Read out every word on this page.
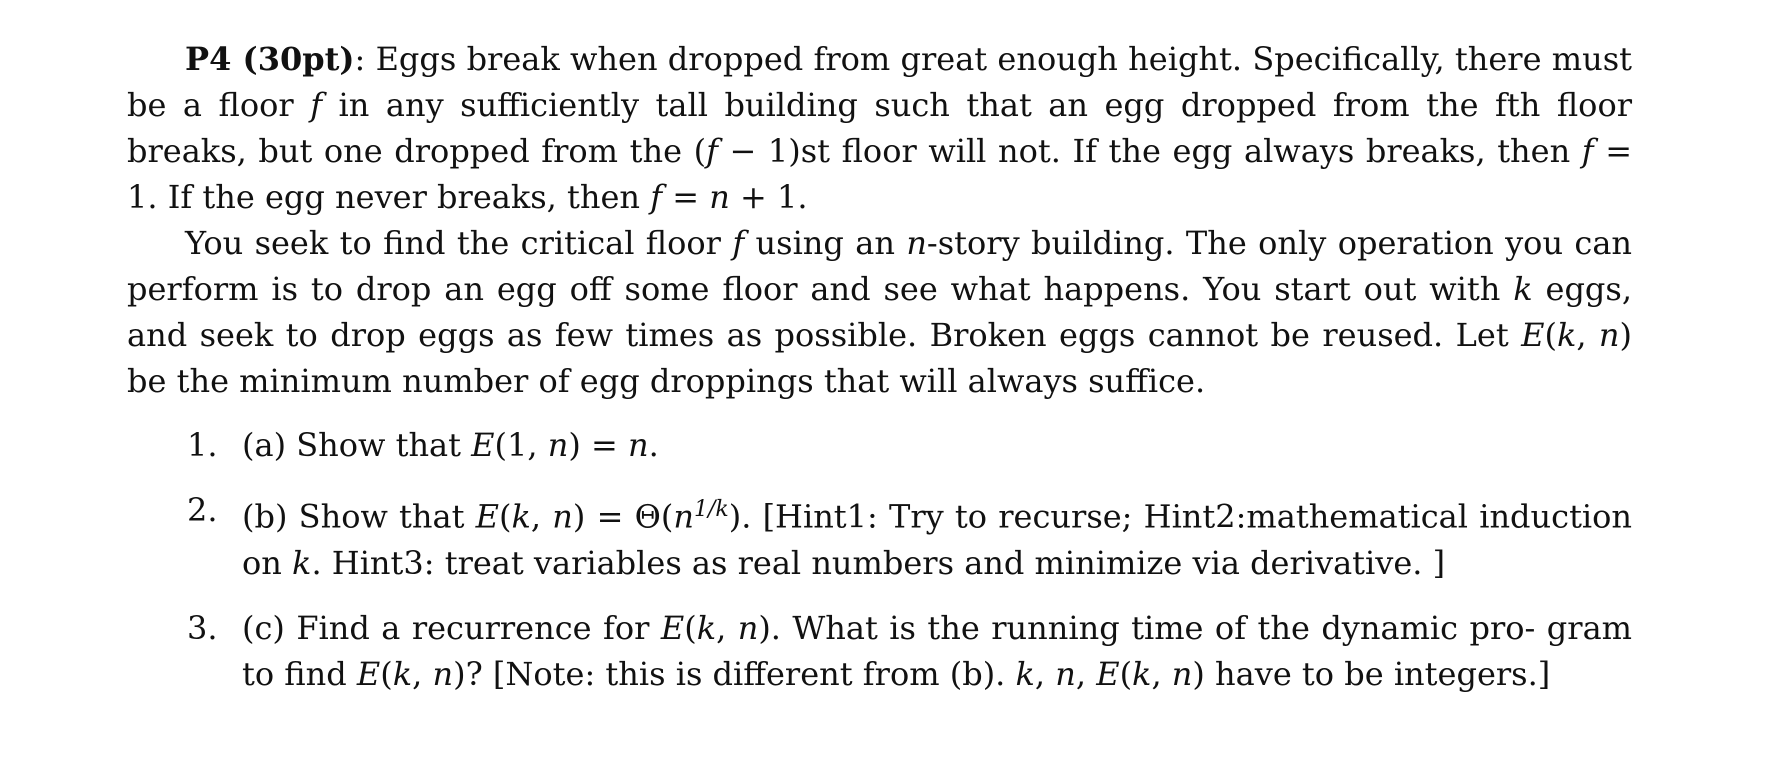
P4 (30pt): Eggs break when dropped from great enough height. Specifically, there must be a floor f in any sufficiently tall building such that an egg dropped from the fth floor breaks, but one dropped from the (f − 1)st floor will not. If the egg always breaks, then f = 1. If the egg never breaks, then f = n + 1.

You seek to find the critical floor f using an n-story building. The only operation you can perform is to drop an egg off some floor and see what happens. You start out with k eggs, and seek to drop eggs as few times as possible. Broken eggs cannot be reused. Let E(k, n) be the minimum number of egg droppings that will always suffice.

1. (a) Show that E(1, n) = n.
2. (b) Show that E(k, $n) = \Theta(n^{1/k})$. [Hint1: Try to recurse; Hint2:mathematical induction on k. Hint3: treat variables as real numbers and minimize via derivative. ]
3. (c) Find a recurrence for E(k, n). What is the running time of the dynamic pro- gram to find E(k, n)? [Note: this is different from (b). k, n, E(k, n) have to be integers.]
